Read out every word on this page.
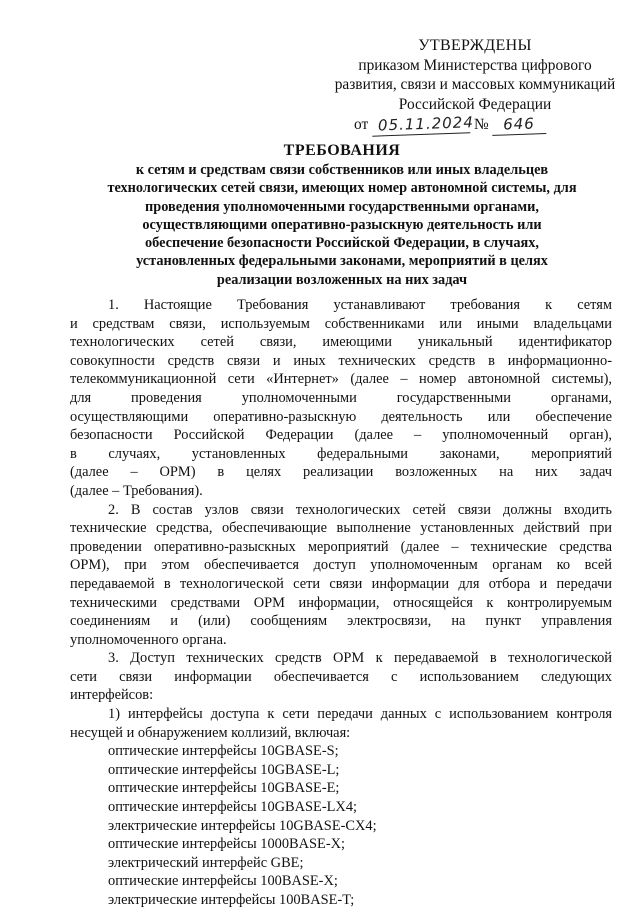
УТВЕРЖДЕНЫ
приказом Министерства цифрового
развития, связи и массовых коммуникаций
Российской Федерации
от 05.11.2024 № 646
ТРЕБОВАНИЯ
к сетям и средствам связи собственников или иных владельцев
технологических сетей связи, имеющих номер автономной системы, для
проведения уполномоченными государственными органами,
осуществляющими оперативно-разыскную деятельность или
обеспечение безопасности Российской Федерации, в случаях,
установленных федеральными законами, мероприятий в целях
реализации возложенных на них задач
1. Настоящие Требования устанавливают требования к сетям
и средствам связи, используемым собственниками или иными владельцами
технологических сетей связи, имеющими уникальный идентификатор
совокупности средств связи и иных технических средств в информационно-
телекоммуникационной сети «Интернет» (далее – номер автономной системы),
для проведения уполномоченными государственными органами,
осуществляющими оперативно-разыскную деятельность или обеспечение
безопасности Российской Федерации (далее – уполномоченный орган),
в случаях, установленных федеральными законами, мероприятий
(далее – ОРМ) в целях реализации возложенных на них задач
(далее – Требования).
2. В состав узлов связи технологических сетей связи должны входить
технические средства, обеспечивающие выполнение установленных действий при
проведении оперативно-разыскных мероприятий (далее – технические средства
ОРМ), при этом обеспечивается доступ уполномоченным органам ко всей
передаваемой в технологической сети связи информации для отбора и передачи
техническими средствами ОРМ информации, относящейся к контролируемым
соединениям и (или) сообщениям электросвязи, на пункт управления
уполномоченного органа.
3. Доступ технических средств ОРМ к передаваемой в технологической
сети связи информации обеспечивается с использованием следующих
интерфейсов:
1) интерфейсы доступа к сети передачи данных с использованием контроля
несущей и обнаружением коллизий, включая:
оптические интерфейсы 10GBASE-S;
оптические интерфейсы 10GBASE-L;
оптические интерфейсы 10GBASE-E;
оптические интерфейсы 10GBASE-LX4;
электрические интерфейсы 10GBASE-CX4;
оптические интерфейсы 1000BASE-X;
электрический интерфейс GBE;
оптические интерфейсы 100BASE-X;
электрические интерфейсы 100BASE-T;
